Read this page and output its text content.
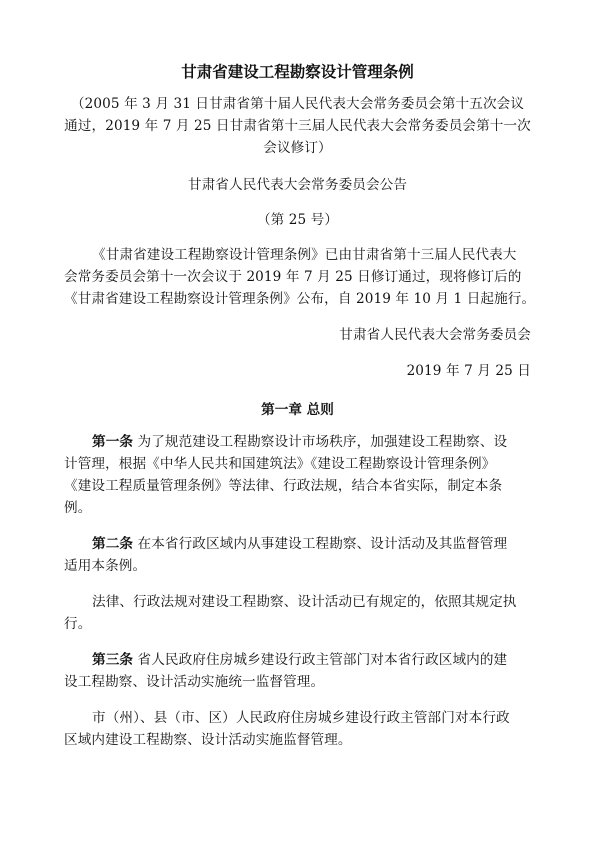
甘肃省建设工程勘察设计管理条例
（2005 年 3 月 31 日甘肃省第十届人民代表大会常务委员会第十五次会议
通过，2019 年 7 月 25 日甘肃省第十三届人民代表大会常务委员会第十一次
会议修订）
甘肃省人民代表大会常务委员会公告
（第 25 号）
《甘肃省建设工程勘察设计管理条例》已由甘肃省第十三届人民代表大
会常务委员会第十一次会议于 2019 年 7 月 25 日修订通过，现将修订后的
《甘肃省建设工程勘察设计管理条例》公布，自 2019 年 10 月 1 日起施行。
甘肃省人民代表大会常务委员会
2019 年 7 月 25 日
第一章 总则
第一条 为了规范建设工程勘察设计市场秩序，加强建设工程勘察、设
计管理，根据《中华人民共和国建筑法》《建设工程勘察设计管理条例》
《建设工程质量管理条例》等法律、行政法规，结合本省实际，制定本条
例。
第二条 在本省行政区域内从事建设工程勘察、设计活动及其监督管理
适用本条例。
法律、行政法规对建设工程勘察、设计活动已有规定的，依照其规定执
行。
第三条 省人民政府住房城乡建设行政主管部门对本省行政区域内的建
设工程勘察、设计活动实施统一监督管理。
市（州）、县（市、区）人民政府住房城乡建设行政主管部门对本行政
区域内建设工程勘察、设计活动实施监督管理。
